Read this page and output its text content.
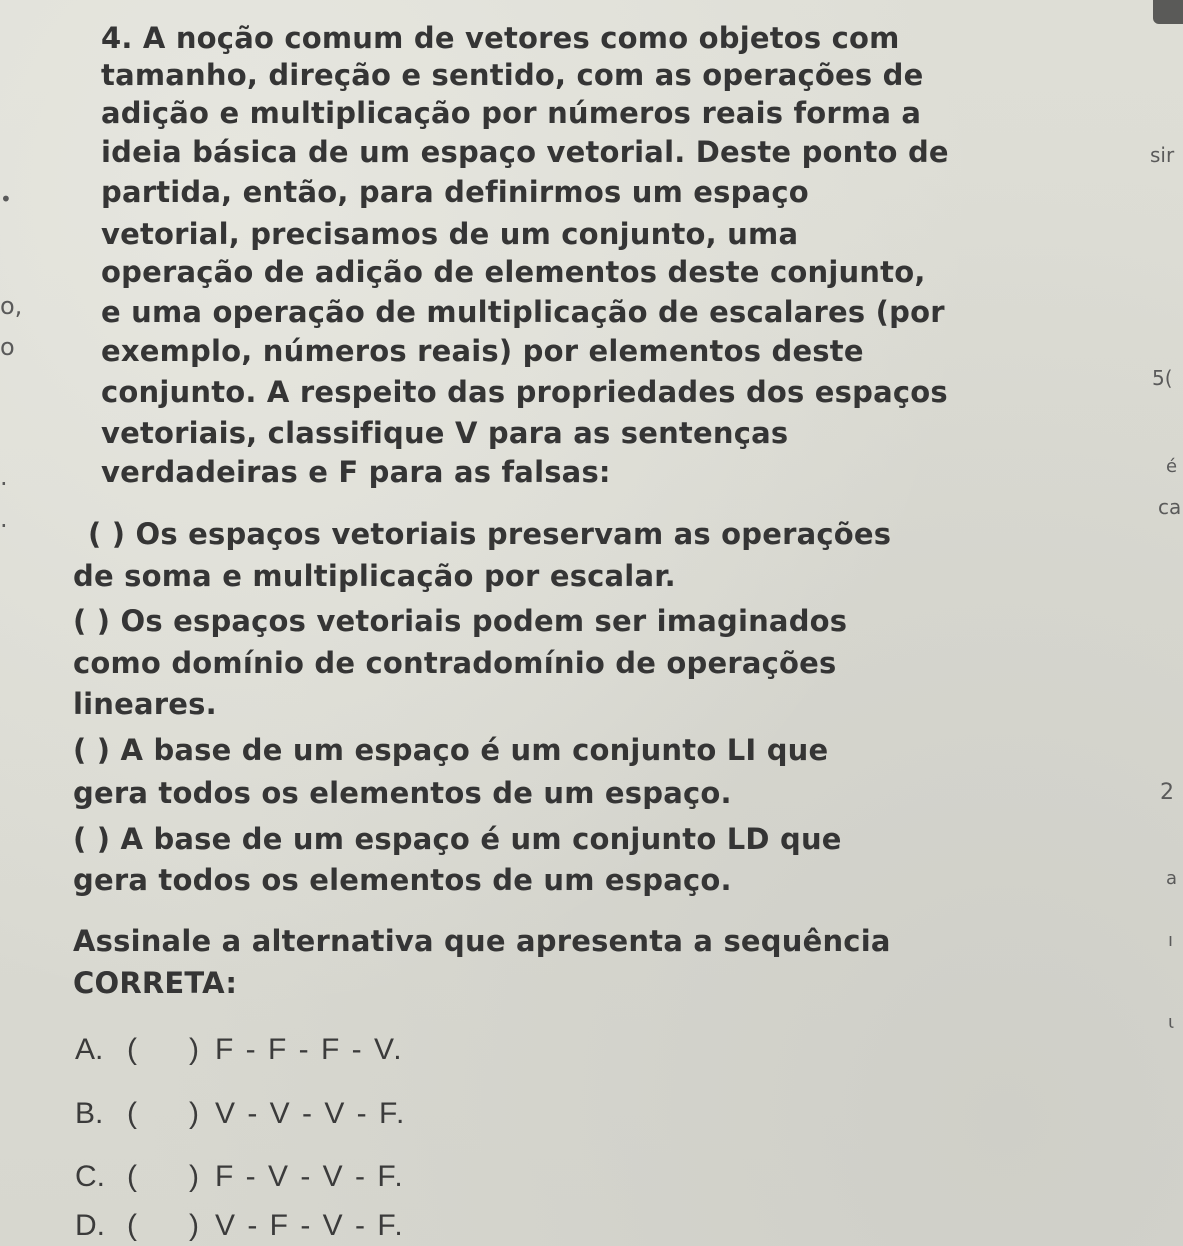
•
o,
o
.
.
sir
5(
é
ca
2
a
ı
ι
4. A noção comum de vetores como objetos com
tamanho, direção e sentido, com as operações de
adição e multiplicação por números reais forma a
ideia básica de um espaço vetorial. Deste ponto de
partida, então, para definirmos um espaço
vetorial, precisamos de um conjunto, uma
operação de adição de elementos deste conjunto,
e uma operação de multiplicação de escalares (por
exemplo, números reais) por elementos deste
conjunto. A respeito das propriedades dos espaços
vetoriais, classifique V para as sentenças
verdadeiras e F para as falsas:
( ) Os espaços vetoriais preservam as operações
de soma e multiplicação por escalar.
( ) Os espaços vetoriais podem ser imaginados
como domínio de contradomínio de operações
lineares.
( ) A base de um espaço é um conjunto LI que
gera todos os elementos de um espaço.
( ) A base de um espaço é um conjunto LD que
gera todos os elementos de um espaço.
Assinale a alternativa que apresenta a sequência
CORRETA:
A. ( ) F - F - F - V.
B. ( ) V - V - V - F.
C. ( ) F - V - V - F.
D. ( ) V - F - V - F.
